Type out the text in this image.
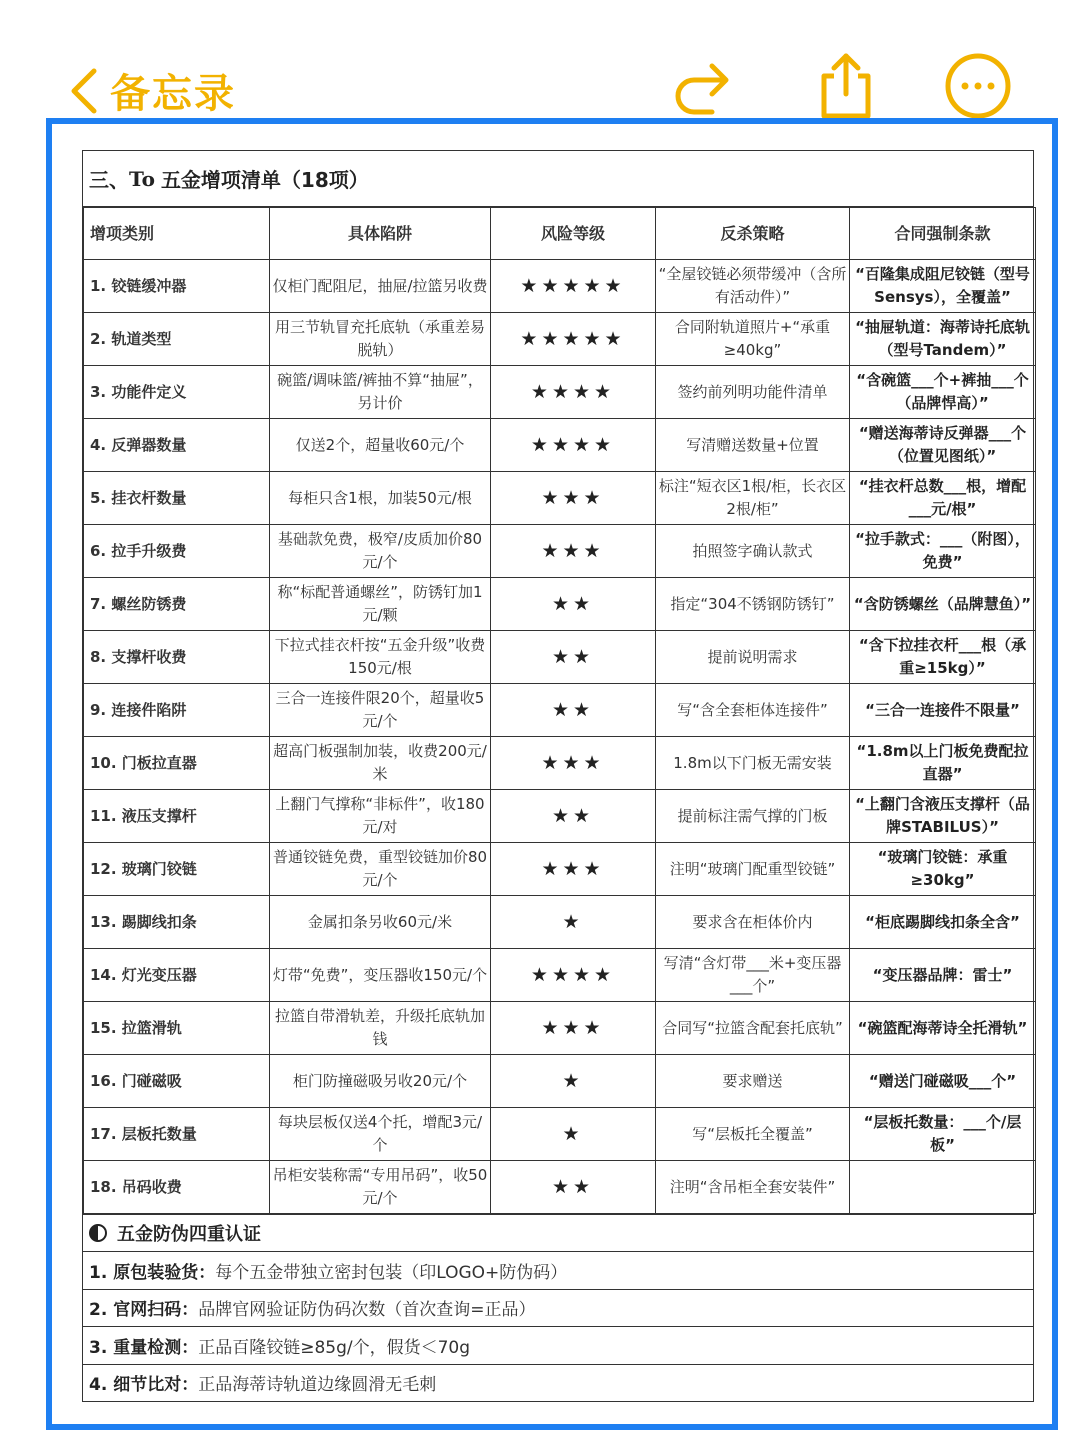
备忘录
三、 To 五金增项清单（18项）
增项类别	具体陷阱	风险等级	反杀策略	合同强制条款
1. 铰链缓冲器	仅柜门配阻尼，抽屉/拉篮另收费	★★★★★	“全屋铰链必须带缓冲（含所有活动件）”	“百隆集成阻尼铰链（型号Sensys），全覆盖”
2. 轨道类型	用三节轨冒充托底轨（承重差易脱轨）	★★★★★	合同附轨道照片+“承重≥40kg”	“抽屉轨道：海蒂诗托底轨（型号Tandem）”
3. 功能件定义	碗篮/调味篮/裤抽不算“抽屉”，另计价	★★★★	签约前列明功能件清单	“含碗篮___个+裤抽___个（品牌悍高）”
4. 反弹器数量	仅送2个，超量收60元/个	★★★★	写清赠送数量+位置	“赠送海蒂诗反弹器___个（位置见图纸）”
5. 挂衣杆数量	每柜只含1根，加装50元/根	★★★	标注“短衣区1根/柜，长衣区2根/柜”	“挂衣杆总数___根，增配___元/根”
6. 拉手升级费	基础款免费，极窄/皮质加价80元/个	★★★	拍照签字确认款式	“拉手款式：___（附图），免费”
7. 螺丝防锈费	称“标配普通螺丝”，防锈钉加1元/颗	★★	指定“304不锈钢防锈钉”	“含防锈螺丝（品牌慧鱼）”
8. 支撑杆收费	下拉式挂衣杆按“五金升级”收费150元/根	★★	提前说明需求	“含下拉挂衣杆___根（承重≥15kg）”
9. 连接件陷阱	三合一连接件限20个，超量收5元/个	★★	写“含全套柜体连接件”	“三合一连接件不限量”
10. 门板拉直器	超高门板强制加装，收费200元/米	★★★	1.8m以下门板无需安装	“1.8m以上门板免费配拉直器”
11. 液压支撑杆	上翻门气撑称“非标件”，收180元/对	★★	提前标注需气撑的门板	“上翻门含液压支撑杆（品牌STABILUS）”
12. 玻璃门铰链	普通铰链免费，重型铰链加价80元/个	★★★	注明“玻璃门配重型铰链”	“玻璃门铰链：承重≥30kg”
13. 踢脚线扣条	金属扣条另收60元/米	★	要求含在柜体价内	“柜底踢脚线扣条全含”
14. 灯光变压器	灯带“免费”，变压器收150元/个	★★★★	写清“含灯带___米+变压器___个”	“变压器品牌：雷士”
15. 拉篮滑轨	拉篮自带滑轨差，升级托底轨加钱	★★★	合同写“拉篮含配套托底轨”	“碗篮配海蒂诗全托滑轨”
16. 门碰磁吸	柜门防撞磁吸另收20元/个	★	要求赠送	“赠送门碰磁吸___个”
17. 层板托数量	每块层板仅送4个托，增配3元/个	★	写“层板托全覆盖”	“层板托数量：___个/层板”
18. 吊码收费	吊柜安装称需“专用吊码”，收50元/个	★★	注明“含吊柜全套安装件”	
五金防伪四重认证
1. 原包装验货 ： 每个五金带独立密封包装（印LOGO+防伪码）
2. 官网扫码 ： 品牌官网验证防伪码次数（首次查询=正品）
3. 重量检测 ： 正品百隆铰链≥85g/个，假货＜70g
4. 细节比对 ： 正品海蒂诗轨道边缘圆滑无毛刺
